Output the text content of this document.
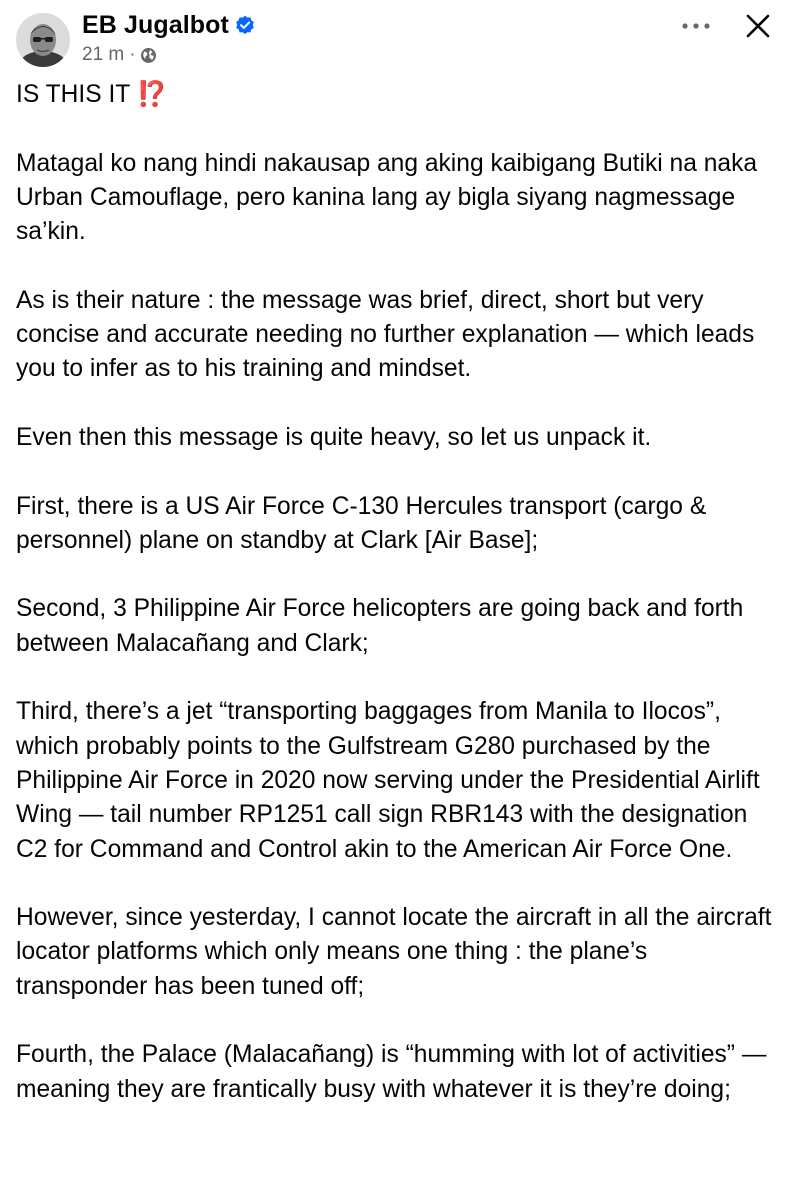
EB Jugalbot
21 m ·

IS THIS IT ⁉️

Matagal ko nang hindi nakausap ang aking kaibigang Butiki na naka Urban Camouflage, pero kanina lang ay bigla siyang nagmessage sa’kin.

As is their nature : the message was brief, direct, short but very concise and accurate needing no further explanation — which leads you to infer as to his training and mindset.

Even then this message is quite heavy, so let us unpack it.

First, there is a US Air Force C-130 Hercules transport (cargo & personnel) plane on standby at Clark [Air Base];

Second, 3 Philippine Air Force helicopters are going back and forth between Malacañang and Clark;

Third, there’s a jet “transporting baggages from Manila to Ilocos”, which probably points to the Gulfstream G280 purchased by the Philippine Air Force in 2020 now serving under the Presidential Airlift Wing — tail number RP1251 call sign RBR143 with the designation C2 for Command and Control akin to the American Air Force One.

However, since yesterday, I cannot locate the aircraft in all the aircraft locator platforms which only means one thing : the plane’s transponder has been tuned off;

Fourth, the Palace (Malacañang) is “humming with lot of activities” — meaning they are frantically busy with whatever it is they’re doing;
